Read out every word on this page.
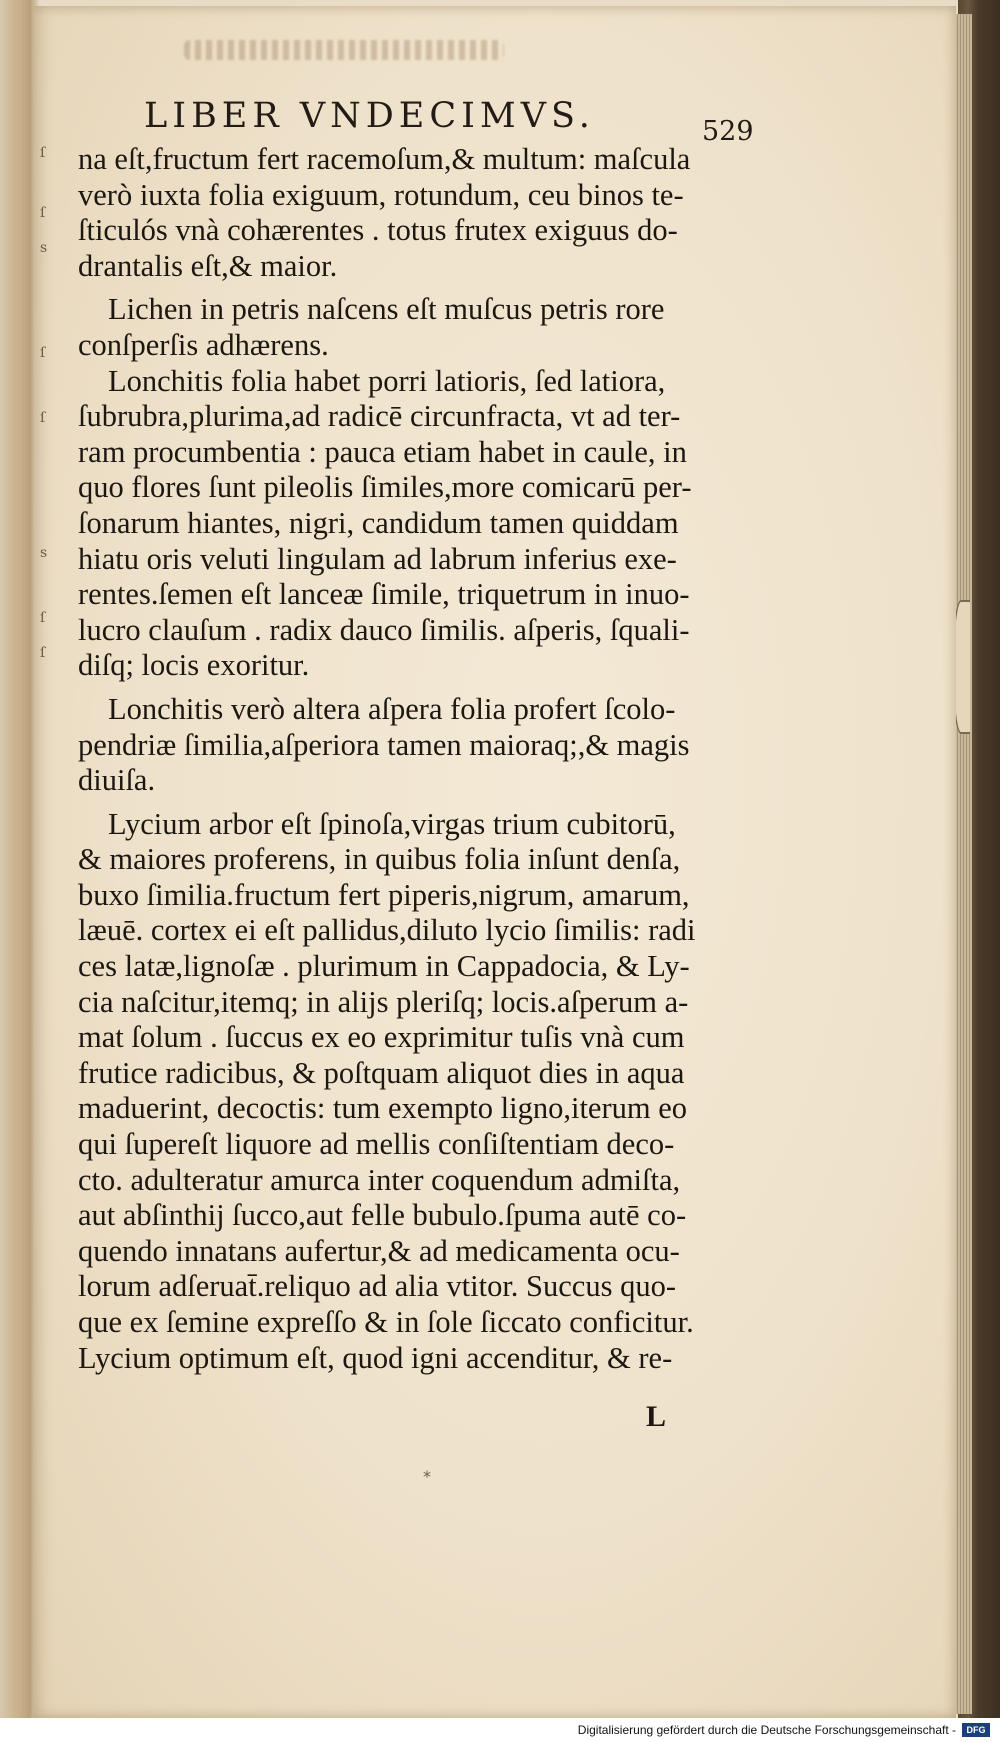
ſ
ſ
s
ſ
ſ
s
ſ
ſ
LIBER VNDECIMVS.	529
na eſt,fructum fert racemoſum,& multum: maſcula
verò iuxta folia exiguum, rotundum, ceu binos te-
ſticulós vnà cohærentes . totus frutex exiguus do-
drantalis eſt,& maior.
Lichen in petris naſcens eſt muſcus petris rore
conſperſis adhærens.
Lonchitis folia habet porri latioris, ſed latiora,
ſubrubra,plurima,ad radicē circunfracta, vt ad ter-
ram procumbentia : pauca etiam habet in caule, in
quo flores ſunt pileolis ſimiles,more comicarū per-
ſonarum hiantes, nigri, candidum tamen quiddam
hiatu oris veluti lingulam ad labrum inferius exe-
rentes.ſemen eſt lanceæ ſimile, triquetrum in inuo-
lucro clauſum . radix dauco ſimilis. aſperis, ſquali-
diſq; locis exoritur.
Lonchitis verò altera aſpera folia profert ſcolo-
pendriæ ſimilia,aſperiora tamen maioraq;,& magis
diuiſa.
Lycium arbor eſt ſpinoſa,virgas trium cubitorū,
& maiores proferens, in quibus folia inſunt denſa,
buxo ſimilia.fructum fert piperis,nigrum, amarum,
læuē. cortex ei eſt pallidus,diluto lycio ſimilis: radi
ces latæ,lignoſæ . plurimum in Cappadocia, & Ly-
cia naſcitur,itemq; in alijs pleriſq; locis.aſperum a-
mat ſolum . ſuccus ex eo exprimitur tuſis vnà cum
frutice radicibus, & poſtquam aliquot dies in aqua
maduerint, decoctis: tum exempto ligno,iterum eo
qui ſupereſt liquore ad mellis conſiſtentiam deco-
cto. adulteratur amurca inter coquendum admiſta,
aut abſinthij ſucco,aut felle bubulo.ſpuma autē co-
quendo innatans aufertur,& ad medicamenta ocu-
lorum adſeruat̄.reliquo ad alia vtitor. Succus quo-
que ex ſemine expreſſo & in ſole ſiccato conficitur.
Lycium optimum eſt, quod igni accenditur, & re-
L
*
Digitalisierung gefördert durch die Deutsche Forschungsgemeinschaft -	DFG
